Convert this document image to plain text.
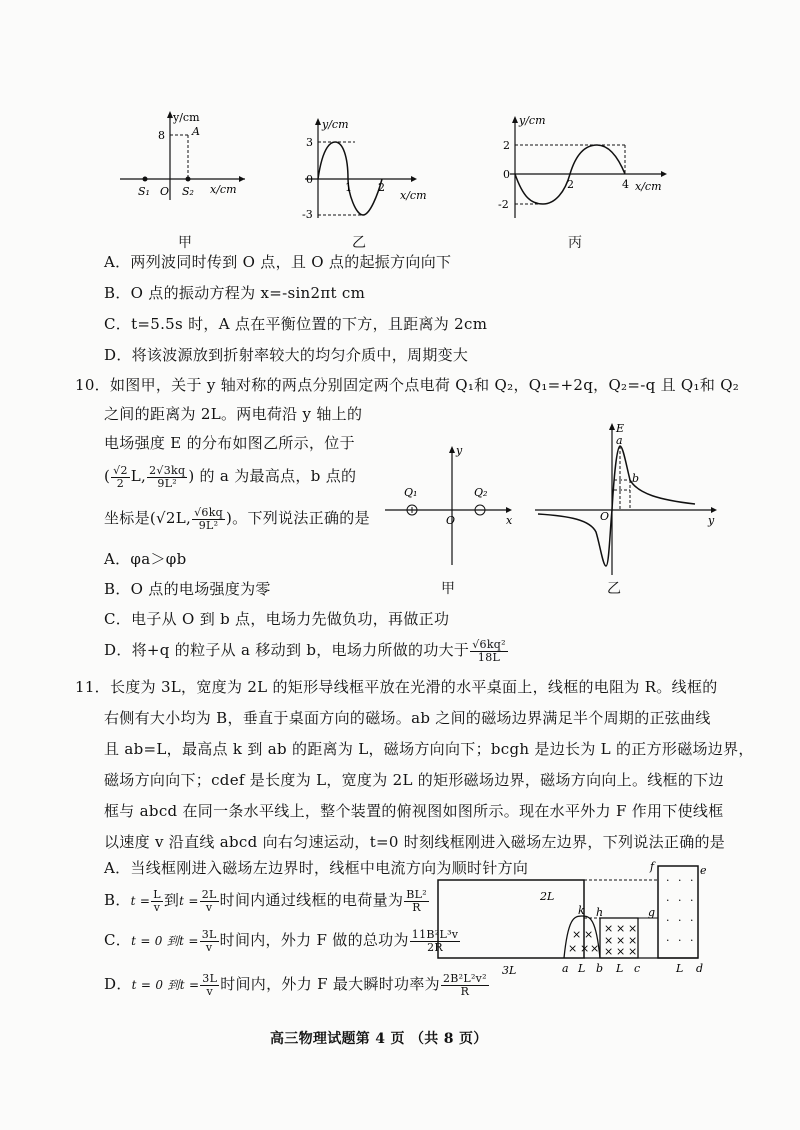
y/cm
8 A
O
S₁	S₂ x/cm
y/cm
3
0
-3
1 2
x/cm
y/cm
2
0
-2
2	4 x/cm
甲	乙	丙
A．两列波同时传到 O 点，且 O 点的起振方向向下
B．O 点的振动方程为 x=-sin2πt cm
C．t=5.5s 时，A 点在平衡位置的下方，且距离为 2cm
D．将该波源放到折射率较大的均匀介质中，周期变大
10．如图甲，关于 y 轴对称的两点分别固定两个点电荷 Q₁和 Q₂，Q₁=+2q，Q₂=-q 且 Q₁和 Q₂
之间的距离为 2L。两电荷沿 y 轴上的
电场强度 E 的分布如图乙所示，位于
( $\frac{√2}{2} L$, $\frac{2√3kq}{\text{9L²}}$ ) 的 a 为最高点，b 点的
坐标是(√2L, $\frac{√6kq}{\text{9L²}}$ )。下列说法正确的是
A．φa＞φb
B．O 点的电场强度为零
C．电子从 O 到 b 点，电场力先做负功，再做正功
D．将+q 的粒子从 a 移动到 b，电场力所做的功大于 $\frac{\text{√6kq²}}{18L}$
Q₁	Q₂
O	x
y
甲
E
a
b
O	y
乙
11．长度为 3L，宽度为 2L 的矩形导线框平放在光滑的水平桌面上，线框的电阻为 R。线框的
右侧有大小均为 B，垂直于桌面方向的磁场。ab 之间的磁场边界满足半个周期的正弦曲线
且 ab=L，最高点 k 到 ab 的距离为 L，磁场方向向下；bcgh 是边长为 L 的正方形磁场边界，
磁场方向向下；cdef 是长度为 L，宽度为 2L 的矩形磁场边界，磁场方向向上。线框的下边
框与 abcd 在同一条水平线上，整个装置的俯视图如图所示。现在水平外力 F 作用下使线框
以速度 v 沿直线 abcd 向右匀速运动，t=0 时刻线框刚进入磁场左边界，下列说法正确的是
A．当线框刚进入磁场左边界时，线框中电流方向为顺时针方向
B．$t = \frac{L}{v}$ 到$t = \frac{2L}{v}$ 时间内通过线框的电荷量为 $\frac{\text{BL²}}{R}$
C．t = 0 到$t = \frac{3L}{v}$ 时间内，外力 F 做的总功为 $\frac{\text{11B²L³v}}{2R}$
D．t = 0 到$t = \frac{3L}{v}$ 时间内，外力 F 最大瞬时功率为 $\frac{\text{2B²L²v²}}{R}$
× ×
× × ×
× × ×
× × ×
× × ×
· · ·
· · ·
· · ·
· · ·
2L
3L	a L b L c	L d
e
f
g
h
k
高三物理试题第 4 页 （共 8 页）
